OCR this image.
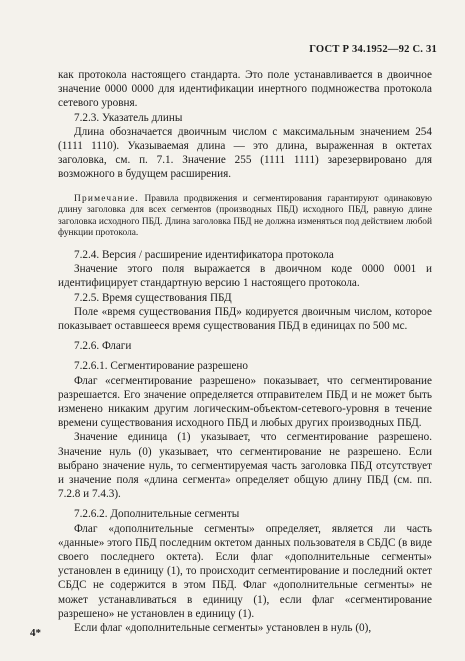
ГОСТ Р 34.1952—92 С. 31

как протокола настоящего стандарта. Это поле устанавливается в двоичное значение 0000 0000 для идентификации инертного подмножества протокола сетевого уровня.

7.2.3. Указатель длины

Длина обозначается двоичным числом с максимальным значением 254 (1111 1110). Указываемая длина — это длина, выраженная в октетах заголовка, см. п. 7.1. Значение 255 (1111 1111) зарезервировано для возможного в будущем расширения.

Примечание. Правила продвижения и сегментирования гарантируют одинаковую длину заголовка для всех сегментов (производных ПБД) исходного ПБД, равную длине заголовка исходного ПБД. Длина заголовка ПБД не должна изменяться под действием любой функции протокола.

7.2.4. Версия / расширение идентификатора протокола

Значение этого поля выражается в двоичном коде 0000 0001 и идентифицирует стандартную версию 1 настоящего протокола.

7.2.5. Время существования ПБД

Поле «время существования ПБД» кодируется двоичным числом, которое показывает оставшееся время существования ПБД в единицах по 500 мс.

7.2.6. Флаги

7.2.6.1. Сегментирование разрешено

Флаг «сегментирование разрешено» показывает, что сегментирование разрешается. Его значение определяется отправителем ПБД и не может быть изменено никаким другим логическим-объектом-сетевого-уровня в течение времени существования исходного ПБД и любых других производных ПБД.

Значение единица (1) указывает, что сегментирование разрешено. Значение нуль (0) указывает, что сегментирование не разрешено. Если выбрано значение нуль, то сегментируемая часть заголовка ПБД отсутствует и значение поля «длина сегмента» определяет общую длину ПБД (см. пп. 7.2.8 и 7.4.3).

7.2.6.2. Дополнительные сегменты

Флаг «дополнительные сегменты» определяет, является ли часть «данные» этого ПБД последним октетом данных пользователя в СБДС (в виде своего последнего октета). Если флаг «дополнительные сегменты» установлен в единицу (1), то происходит сегментирование и последний октет СБДС не содержится в этом ПБД. Флаг «дополнительные сегменты» не может устанавливаться в единицу (1), если флаг «сегментирование разрешено» не установлен в единицу (1).

Если флаг «дополнительные сегменты» установлен в нуль (0),

4*
